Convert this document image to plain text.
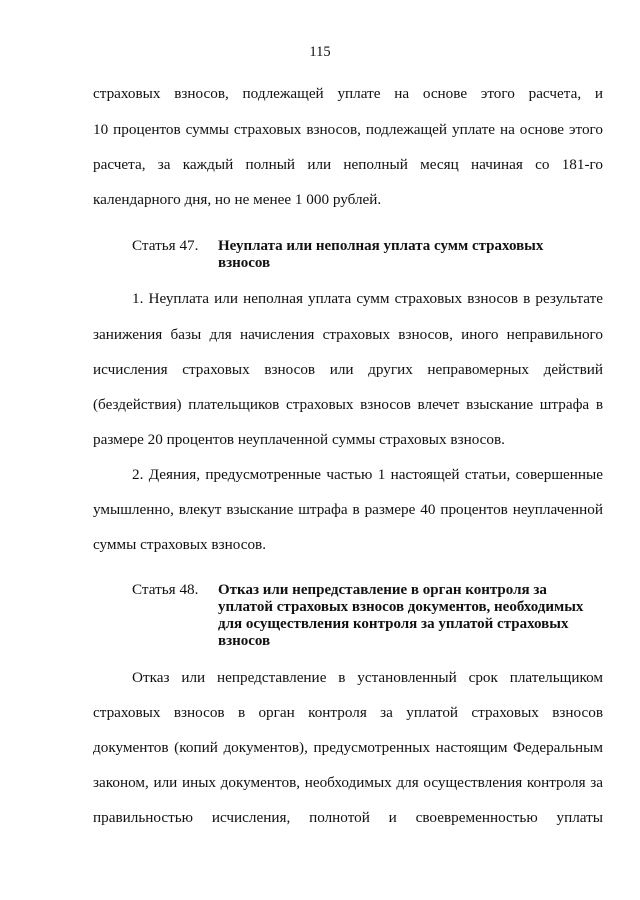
115
страховых взносов, подлежащей уплате на основе этого расчета, и
10 процентов суммы страховых взносов, подлежащей уплате на основе этого
расчета, за каждый полный или неполный месяц начиная со 181-го
календарного дня, но не менее 1 000 рублей.
Статья 47. Неуплата или неполная уплата сумм страховых
взносов
1. Неуплата или неполная уплата сумм страховых взносов в результате
занижения базы для начисления страховых взносов, иного неправильного
исчисления страховых взносов или других неправомерных действий
(бездействия) плательщиков страховых взносов влечет взыскание штрафа в
размере 20 процентов неуплаченной суммы страховых взносов.
2. Деяния, предусмотренные частью 1 настоящей статьи, совершенные
умышленно, влекут взыскание штрафа в размере 40 процентов неуплаченной
суммы страховых взносов.
Статья 48. Отказ или непредставление в орган контроля за
уплатой страховых взносов документов, необходимых
для осуществления контроля за уплатой страховых
взносов
Отказ или непредставление в установленный срок плательщиком
страховых взносов в орган контроля за уплатой страховых взносов
документов (копий документов), предусмотренных настоящим Федеральным
законом, или иных документов, необходимых для осуществления контроля за
правильностью исчисления, полнотой и своевременностью уплаты
